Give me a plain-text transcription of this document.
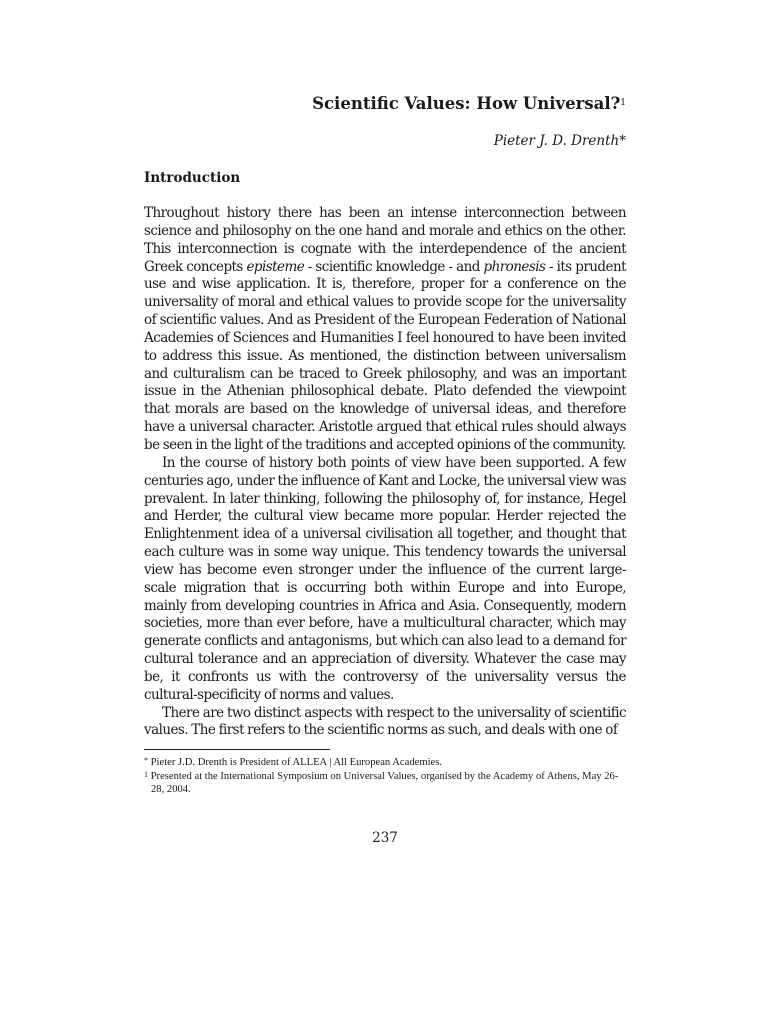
Scientific Values: How Universal?$^1$
Pieter J. D. Drenth*
Introduction

Throughout history there has been an intense interconnection between science and philosophy on the one hand and morale and ethics on the other. This interconnection is cognate with the interdependence of the ancient Greek concepts episteme - scientific knowledge - and phronesis - its prudent use and wise application. It is, therefore, proper for a conference on the universality of moral and ethical values to provide scope for the universality of scientific values. And as President of the European Federation of National Academies of Sciences and Humanities I feel honoured to have been invited to address this issue. As mentioned, the distinction between universalism and culturalism can be traced to Greek philosophy, and was an important issue in the Athenian philosophical debate. Plato defended the viewpoint that morals are based on the knowledge of universal ideas, and therefore have a universal character. Aristotle argued that ethical rules should always be seen in the light of the traditions and accepted opinions of the community.

In the course of history both points of view have been supported. A few centuries ago, under the influence of Kant and Locke, the universal view was prevalent. In later thinking, following the philosophy of, for instance, Hegel and Herder, the cultural view became more popular. Herder rejected the Enlightenment idea of a universal civilisation all together, and thought that each culture was in some way unique. This tendency towards the universal view has become even stronger under the influence of the current large-scale migration that is occurring both within Europe and into Europe, mainly from developing countries in Africa and Asia. Consequently, modern societies, more than ever before, have a multicultural character, which may generate conflicts and antagonisms, but which can also lead to a demand for cultural tolerance and an appreciation of diversity. Whatever the case may be, it confronts us with the controversy of the universality versus the cultural-specificity of norms and values.

There are two distinct aspects with respect to the universality of scientific values. The first refers to the scientific norms as such, and deals with one of

* Pieter J.D. Drenth is President of ALLEA | All European Academies.

$^1$ Presented at the International Symposium on Universal Values, organised by the Academy of Athens, May 26-28, 2004.

237
